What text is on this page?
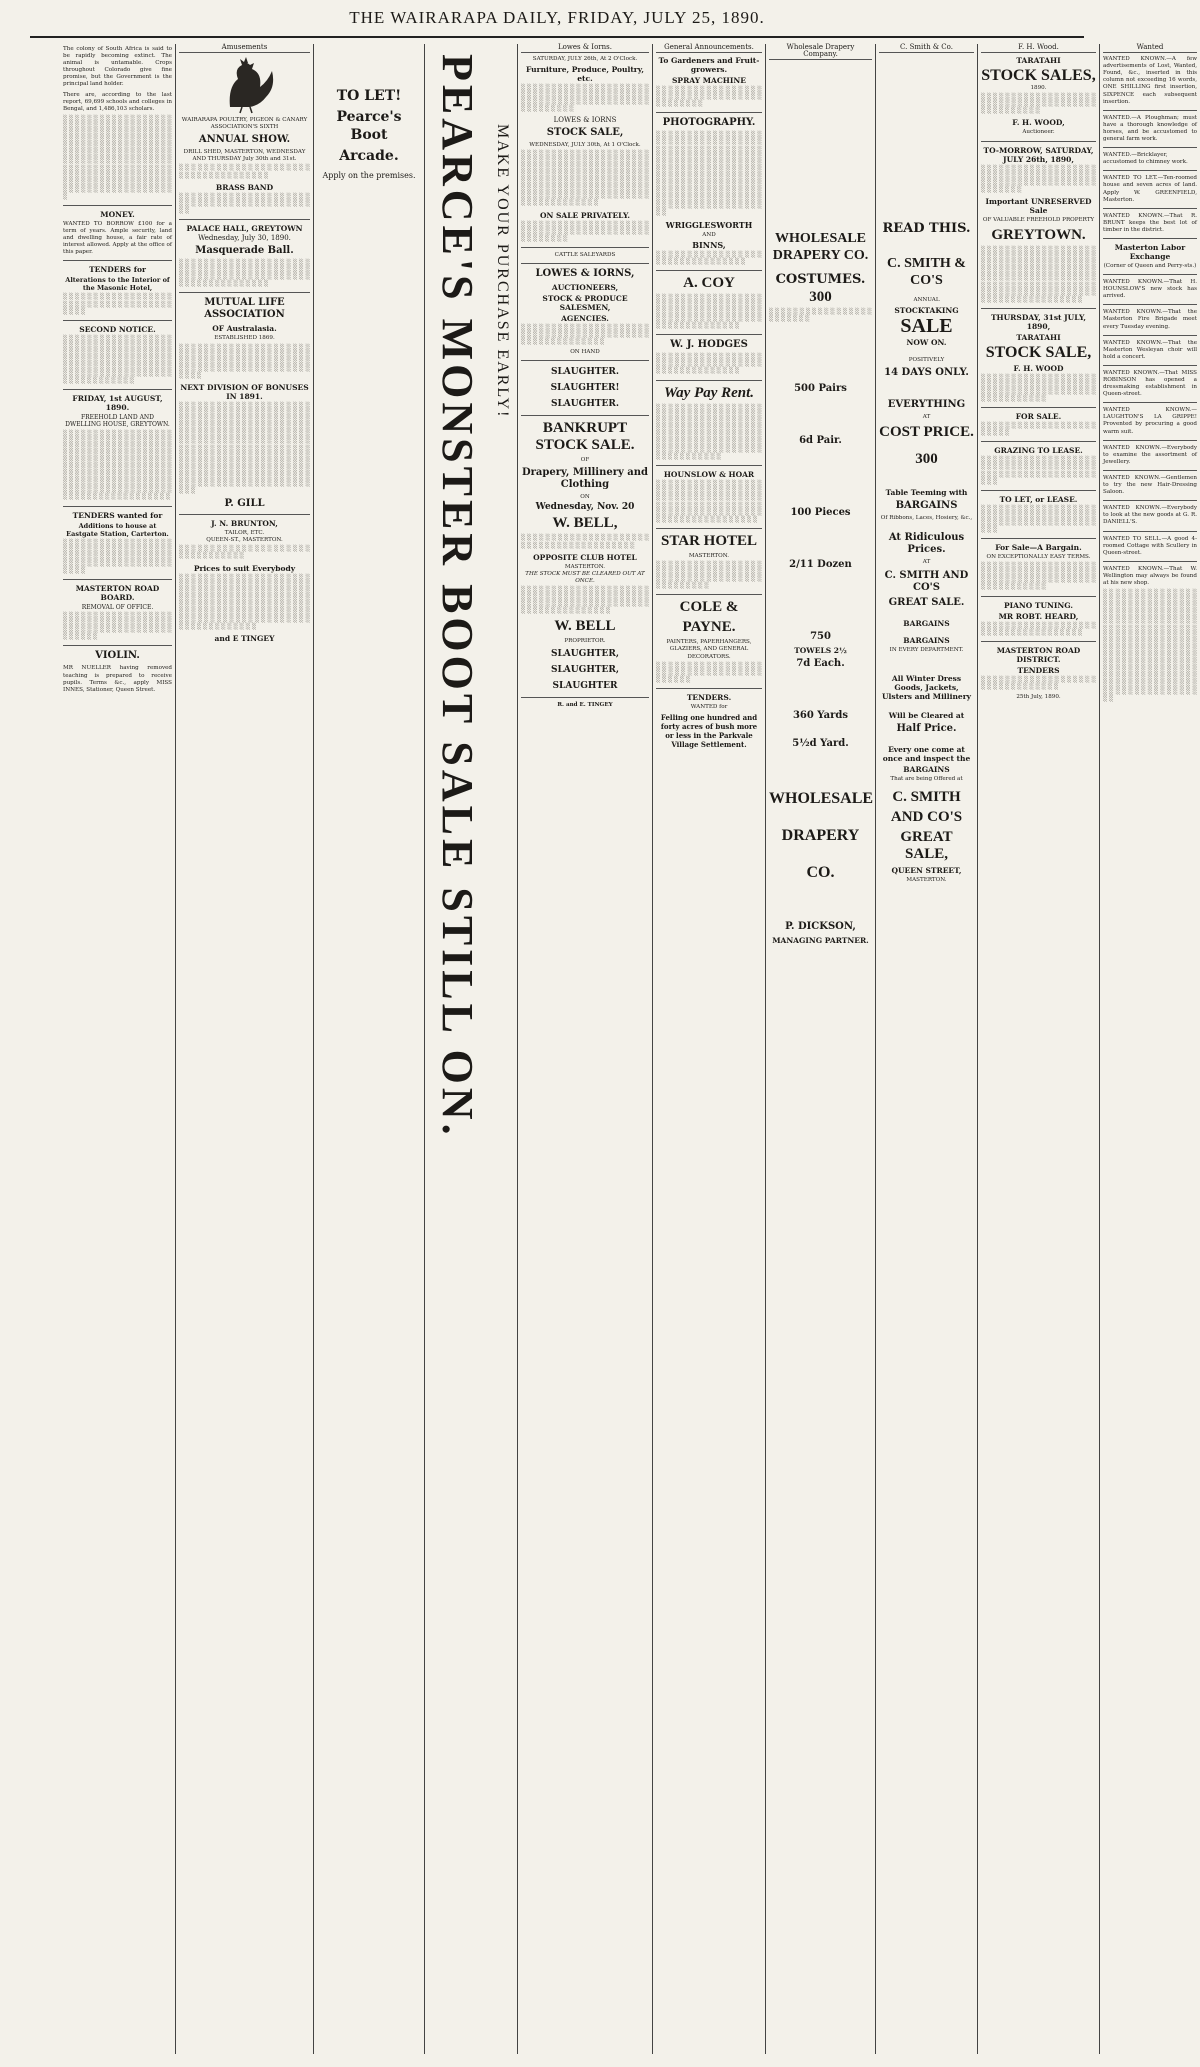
THE WAIRARAPA DAILY, FRIDAY, JULY 25, 1890.
The colony of South Africa is said to be rapidly becoming extinct. The animal is untamable. Crops throughout Colorado give fine promise, but the Government is the principal land holder.
There are, according to the last report, 69,699 schools and colleges in Bengal, and 1,486,103 scholars.
░ ░ ░ ░ ░ ░ ░ ░ ░ ░ ░ ░ ░ ░ ░ ░ ░ ░ ░ ░ ░ ░ ░ ░ ░ ░ ░ ░ ░ ░ ░ ░ ░ ░ ░ ░ ░ ░ ░ ░ ░ ░ ░ ░ ░ ░ ░ ░ ░ ░ ░ ░ ░ ░ ░ ░ ░ ░ ░ ░ ░ ░ ░ ░ ░ ░ ░ ░ ░ ░ ░ ░ ░ ░ ░ ░ ░ ░ ░ ░ ░ ░ ░ ░ ░ ░ ░ ░ ░ ░ ░ ░ ░ ░ ░ ░ ░ ░ ░ ░ ░ ░ ░ ░ ░ ░ ░ ░ ░ ░ ░ ░ ░ ░ ░ ░ ░ ░ ░ ░ ░ ░ ░ ░ ░ ░ ░ ░ ░ ░ ░ ░ ░ ░ ░ ░ ░ ░ ░ ░ ░ ░ ░ ░ ░ ░ ░ ░ ░ ░ ░ ░ ░ ░ ░ ░ ░ ░ ░ ░ ░ ░ ░ ░ ░ ░ ░ ░ ░ ░ ░ ░ ░ ░ ░ ░ ░ ░ ░ ░ ░ ░ ░ ░ ░ ░ ░ ░ ░ ░ ░ ░ ░ ░ ░ ░ ░ ░ ░
MONEY.
WANTED TO BORROW £100 for a term of years. Ample security, land and dwelling house, a fair rate of interest allowed. Apply at the office of this paper.
TENDERS for
Alterations to the Interior of the Masonic Hotel,
░ ░ ░ ░ ░ ░ ░ ░ ░ ░ ░ ░ ░ ░ ░ ░ ░ ░ ░ ░ ░ ░ ░ ░ ░ ░ ░ ░ ░ ░ ░ ░ ░ ░ ░ ░ ░ ░ ░ ░
SECOND NOTICE.
░ ░ ░ ░ ░ ░ ░ ░ ░ ░ ░ ░ ░ ░ ░ ░ ░ ░ ░ ░ ░ ░ ░ ░ ░ ░ ░ ░ ░ ░ ░ ░ ░ ░ ░ ░ ░ ░ ░ ░ ░ ░ ░ ░ ░ ░ ░ ░ ░ ░ ░ ░ ░ ░ ░ ░ ░ ░ ░ ░ ░ ░ ░ ░ ░ ░ ░ ░ ░ ░ ░ ░ ░ ░ ░ ░ ░ ░ ░ ░ ░ ░ ░ ░ ░ ░ ░ ░ ░ ░ ░ ░ ░ ░ ░ ░ ░ ░ ░ ░ ░ ░ ░ ░ ░ ░ ░ ░ ░ ░ ░ ░ ░ ░ ░ ░ ░ ░ ░ ░
FRIDAY, 1st AUGUST, 1890.
FREEHOLD LAND AND DWELLING HOUSE, GREYTOWN.
░ ░ ░ ░ ░ ░ ░ ░ ░ ░ ░ ░ ░ ░ ░ ░ ░ ░ ░ ░ ░ ░ ░ ░ ░ ░ ░ ░ ░ ░ ░ ░ ░ ░ ░ ░ ░ ░ ░ ░ ░ ░ ░ ░ ░ ░ ░ ░ ░ ░ ░ ░ ░ ░ ░ ░ ░ ░ ░ ░ ░ ░ ░ ░ ░ ░ ░ ░ ░ ░ ░ ░ ░ ░ ░ ░ ░ ░ ░ ░ ░ ░ ░ ░ ░ ░ ░ ░ ░ ░ ░ ░ ░ ░ ░ ░ ░ ░ ░ ░ ░ ░ ░ ░ ░ ░ ░ ░ ░ ░ ░ ░ ░ ░ ░ ░ ░ ░ ░ ░ ░ ░ ░ ░ ░ ░ ░ ░ ░ ░ ░ ░ ░ ░ ░ ░ ░ ░ ░ ░ ░ ░ ░ ░ ░ ░ ░ ░ ░ ░ ░ ░ ░ ░ ░ ░ ░ ░ ░ ░ ░ ░ ░ ░ ░ ░ ░ ░ ░ ░ ░ ░ ░ ░ ░ ░ ░ ░ ░ ░
TENDERS wanted for
Additions to house at Eastgate Station, Carterton.
░ ░ ░ ░ ░ ░ ░ ░ ░ ░ ░ ░ ░ ░ ░ ░ ░ ░ ░ ░ ░ ░ ░ ░ ░ ░ ░ ░ ░ ░ ░ ░ ░ ░ ░ ░ ░ ░ ░ ░ ░ ░ ░ ░ ░ ░ ░ ░ ░ ░ ░ ░ ░ ░ ░ ░ ░ ░ ░ ░ ░ ░ ░ ░ ░ ░ ░ ░ ░ ░ ░ ░ ░ ░ ░ ░
MASTERTON ROAD BOARD.
REMOVAL OF OFFICE.
░ ░ ░ ░ ░ ░ ░ ░ ░ ░ ░ ░ ░ ░ ░ ░ ░ ░ ░ ░ ░ ░ ░ ░ ░ ░ ░ ░ ░ ░ ░ ░ ░ ░ ░ ░ ░ ░ ░ ░ ░ ░ ░ ░ ░ ░ ░ ░ ░ ░ ░ ░ ░ ░ ░ ░ ░ ░ ░ ░
VIOLIN.
MR NUELLER having removed teaching is prepared to receive pupils. Terms &c., apply MISS INNES, Stationer, Queen Street.
Amusements
WAIRARAPA POULTRY, PIGEON & CANARY ASSOCIATION'S SIXTH
ANNUAL SHOW.
DRILL SHED, MASTERTON, WEDNESDAY AND THURSDAY July 30th and 31st.
░ ░ ░ ░ ░ ░ ░ ░ ░ ░ ░ ░ ░ ░ ░ ░ ░ ░ ░ ░ ░ ░ ░ ░ ░ ░ ░ ░ ░ ░ ░ ░ ░ ░ ░ ░
BRASS BAND
░ ░ ░ ░ ░ ░ ░ ░ ░ ░ ░ ░ ░ ░ ░ ░ ░ ░ ░ ░ ░ ░ ░ ░ ░ ░ ░ ░ ░ ░ ░ ░ ░ ░ ░ ░ ░ ░ ░ ░ ░ ░ ░ ░
PALACE HALL, GREYTOWN
Wednesday, July 30, 1890.
Masquerade Ball.
░ ░ ░ ░ ░ ░ ░ ░ ░ ░ ░ ░ ░ ░ ░ ░ ░ ░ ░ ░ ░ ░ ░ ░ ░ ░ ░ ░ ░ ░ ░ ░ ░ ░ ░ ░ ░ ░ ░ ░ ░ ░ ░ ░ ░ ░ ░ ░ ░ ░ ░ ░ ░ ░ ░ ░ ░ ░ ░ ░ ░ ░ ░ ░ ░ ░ ░ ░ ░ ░ ░ ░ ░ ░ ░ ░ ░ ░
MUTUAL LIFE ASSOCIATION
OF Australasia.
ESTABLISHED 1869.
░ ░ ░ ░ ░ ░ ░ ░ ░ ░ ░ ░ ░ ░ ░ ░ ░ ░ ░ ░ ░ ░ ░ ░ ░ ░ ░ ░ ░ ░ ░ ░ ░ ░ ░ ░ ░ ░ ░ ░ ░ ░ ░ ░ ░ ░ ░ ░ ░ ░ ░ ░ ░ ░ ░ ░ ░ ░ ░ ░ ░ ░ ░ ░ ░ ░ ░ ░ ░ ░ ░ ░ ░ ░ ░ ░ ░ ░ ░ ░ ░ ░ ░ ░ ░ ░ ░ ░
NEXT DIVISION OF BONUSES IN 1891.
░ ░ ░ ░ ░ ░ ░ ░ ░ ░ ░ ░ ░ ░ ░ ░ ░ ░ ░ ░ ░ ░ ░ ░ ░ ░ ░ ░ ░ ░ ░ ░ ░ ░ ░ ░ ░ ░ ░ ░ ░ ░ ░ ░ ░ ░ ░ ░ ░ ░ ░ ░ ░ ░ ░ ░ ░ ░ ░ ░ ░ ░ ░ ░ ░ ░ ░ ░ ░ ░ ░ ░ ░ ░ ░ ░ ░ ░ ░ ░ ░ ░ ░ ░ ░ ░ ░ ░ ░ ░ ░ ░ ░ ░ ░ ░ ░ ░ ░ ░ ░ ░ ░ ░ ░ ░ ░ ░ ░ ░ ░ ░ ░ ░ ░ ░ ░ ░ ░ ░ ░ ░ ░ ░ ░ ░ ░ ░ ░ ░ ░ ░ ░ ░ ░ ░ ░ ░ ░ ░ ░ ░ ░ ░ ░ ░ ░ ░ ░ ░ ░ ░ ░ ░ ░ ░ ░ ░ ░ ░ ░ ░ ░ ░ ░ ░ ░ ░ ░ ░ ░ ░ ░ ░ ░ ░ ░ ░ ░ ░ ░ ░ ░ ░ ░ ░ ░ ░ ░ ░ ░ ░ ░ ░ ░ ░ ░ ░ ░ ░ ░ ░ ░ ░ ░ ░ ░ ░ ░ ░ ░ ░ ░ ░ ░ ░ ░ ░ ░ ░ ░ ░ ░ ░ ░ ░ ░ ░ ░ ░ ░ ░ ░ ░ ░ ░ ░ ░ ░ ░ ░ ░ ░ ░ ░ ░ ░ ░ ░ ░ ░ ░ ░ ░ ░
P. GILL
J. N. BRUNTON,
TAILOR, ETC.
QUEEN-ST., MASTERTON.
░ ░ ░ ░ ░ ░ ░ ░ ░ ░ ░ ░ ░ ░ ░ ░ ░ ░ ░ ░ ░ ░ ░ ░ ░ ░ ░ ░ ░ ░ ░ ░
Prices to suit Everybody
░ ░ ░ ░ ░ ░ ░ ░ ░ ░ ░ ░ ░ ░ ░ ░ ░ ░ ░ ░ ░ ░ ░ ░ ░ ░ ░ ░ ░ ░ ░ ░ ░ ░ ░ ░ ░ ░ ░ ░ ░ ░ ░ ░ ░ ░ ░ ░ ░ ░ ░ ░ ░ ░ ░ ░ ░ ░ ░ ░ ░ ░ ░ ░ ░ ░ ░ ░ ░ ░ ░ ░ ░ ░ ░ ░ ░ ░ ░ ░ ░ ░ ░ ░ ░ ░ ░ ░ ░ ░ ░ ░ ░ ░ ░ ░ ░ ░ ░ ░ ░ ░ ░ ░ ░ ░ ░ ░ ░ ░ ░ ░ ░ ░ ░ ░ ░ ░ ░ ░ ░ ░ ░ ░ ░ ░ ░ ░ ░ ░ ░ ░ ░ ░ ░ ░ ░ ░ ░ ░ ░ ░ ░ ░ ░ ░ ░ ░ ░ ░ ░ ░ ░ ░ ░ ░ ░ ░ ░ ░
and E TINGEY
TO LET!
Pearce's Boot
Arcade.
Apply on the premises. PEARCE'S MONSTER BOOT SALE STILL ON. MAKE YOUR PURCHASE EARLY!
Lowes & Iorns.
SATURDAY, JULY 26th, At 2 O'Clock.
Furniture, Produce, Poultry, etc.
░ ░ ░ ░ ░ ░ ░ ░ ░ ░ ░ ░ ░ ░ ░ ░ ░ ░ ░ ░ ░ ░ ░ ░ ░ ░ ░ ░ ░ ░ ░ ░ ░ ░ ░ ░ ░ ░ ░ ░ ░ ░ ░ ░ ░ ░ ░ ░ ░ ░ ░ ░ ░ ░ ░ ░ ░ ░ ░ ░ ░ ░ ░ ░ ░ ░ ░ ░ ░ ░ ░ ░
LOWES & IORNS
STOCK SALE,
WEDNESDAY, JULY 30th, At 1 O'Clock.
░ ░ ░ ░ ░ ░ ░ ░ ░ ░ ░ ░ ░ ░ ░ ░ ░ ░ ░ ░ ░ ░ ░ ░ ░ ░ ░ ░ ░ ░ ░ ░ ░ ░ ░ ░ ░ ░ ░ ░ ░ ░ ░ ░ ░ ░ ░ ░ ░ ░ ░ ░ ░ ░ ░ ░ ░ ░ ░ ░ ░ ░ ░ ░ ░ ░ ░ ░ ░ ░ ░ ░ ░ ░ ░ ░ ░ ░ ░ ░ ░ ░ ░ ░ ░ ░ ░ ░ ░ ░ ░ ░ ░ ░ ░ ░ ░ ░ ░ ░ ░ ░ ░ ░ ░ ░ ░ ░ ░ ░ ░ ░ ░ ░ ░ ░ ░ ░ ░ ░ ░ ░ ░ ░ ░ ░ ░ ░ ░ ░ ░ ░ ░ ░ ░ ░ ░ ░ ░ ░ ░ ░ ░ ░ ░ ░ ░ ░ ░ ░ ░ ░ ░ ░ ░ ░ ░ ░ ░ ░
ON SALE PRIVATELY.
░ ░ ░ ░ ░ ░ ░ ░ ░ ░ ░ ░ ░ ░ ░ ░ ░ ░ ░ ░ ░ ░ ░ ░ ░ ░ ░ ░ ░ ░ ░ ░ ░ ░ ░ ░ ░ ░ ░ ░ ░ ░ ░ ░ ░ ░ ░ ░ ░ ░
CATTLE SALEYARDS
LOWES & IORNS,
AUCTIONEERS,
STOCK & PRODUCE SALESMEN,
AGENCIES.
░ ░ ░ ░ ░ ░ ░ ░ ░ ░ ░ ░ ░ ░ ░ ░ ░ ░ ░ ░ ░ ░ ░ ░ ░ ░ ░ ░ ░ ░ ░ ░ ░ ░ ░ ░ ░ ░ ░ ░ ░ ░ ░ ░ ░ ░ ░ ░ ░ ░ ░ ░ ░ ░ ░ ░
ON HAND
SLAUGHTER.
SLAUGHTER!
SLAUGHTER.
BANKRUPT STOCK SALE.
OF
Drapery, Millinery and Clothing
ON
Wednesday, Nov. 20
W. BELL,
░ ░ ░ ░ ░ ░ ░ ░ ░ ░ ░ ░ ░ ░ ░ ░ ░ ░ ░ ░ ░ ░ ░ ░ ░ ░ ░ ░ ░ ░ ░ ░ ░ ░ ░ ░ ░ ░ ░ ░
OPPOSITE CLUB HOTEL
MASTERTON.
THE STOCK MUST BE CLEARED OUT AT ONCE.
░ ░ ░ ░ ░ ░ ░ ░ ░ ░ ░ ░ ░ ░ ░ ░ ░ ░ ░ ░ ░ ░ ░ ░ ░ ░ ░ ░ ░ ░ ░ ░ ░ ░ ░ ░ ░ ░ ░ ░ ░ ░ ░ ░ ░ ░ ░ ░ ░ ░ ░ ░ ░ ░ ░ ░ ░ ░ ░ ░ ░ ░ ░ ░ ░ ░ ░ ░ ░ ░ ░ ░ ░ ░ ░ ░ ░ ░
W. BELL
PROPRIETOR.
SLAUGHTER,
SLAUGHTER,
SLAUGHTER
R. and E. TINGEY
General Announcements.
To Gardeners and Fruit-growers.
SPRAY MACHINE
░ ░ ░ ░ ░ ░ ░ ░ ░ ░ ░ ░ ░ ░ ░ ░ ░ ░ ░ ░ ░ ░ ░ ░ ░ ░ ░ ░ ░ ░ ░ ░ ░ ░ ░ ░ ░ ░ ░ ░ ░ ░
PHOTOGRAPHY.
░ ░ ░ ░ ░ ░ ░ ░ ░ ░ ░ ░ ░ ░ ░ ░ ░ ░ ░ ░ ░ ░ ░ ░ ░ ░ ░ ░ ░ ░ ░ ░ ░ ░ ░ ░ ░ ░ ░ ░ ░ ░ ░ ░ ░ ░ ░ ░ ░ ░ ░ ░ ░ ░ ░ ░ ░ ░ ░ ░ ░ ░ ░ ░ ░ ░ ░ ░ ░ ░ ░ ░ ░ ░ ░ ░ ░ ░ ░ ░ ░ ░ ░ ░ ░ ░ ░ ░ ░ ░ ░ ░ ░ ░ ░ ░ ░ ░ ░ ░ ░ ░ ░ ░ ░ ░ ░ ░ ░ ░ ░ ░ ░ ░ ░ ░ ░ ░ ░ ░ ░ ░ ░ ░ ░ ░ ░ ░ ░ ░ ░ ░ ░ ░ ░ ░ ░ ░ ░ ░ ░ ░ ░ ░ ░ ░ ░ ░ ░ ░ ░ ░ ░ ░ ░ ░ ░ ░ ░ ░ ░ ░ ░ ░ ░ ░ ░ ░ ░ ░ ░ ░ ░ ░ ░ ░ ░ ░ ░ ░ ░ ░ ░ ░ ░ ░ ░ ░ ░
WRIGGLESWORTH
AND
BINNS,
░ ░ ░ ░ ░ ░ ░ ░ ░ ░ ░ ░ ░ ░ ░ ░ ░ ░ ░ ░ ░ ░ ░ ░ ░ ░ ░ ░ ░ ░ ░ ░
A. COY
░ ░ ░ ░ ░ ░ ░ ░ ░ ░ ░ ░ ░ ░ ░ ░ ░ ░ ░ ░ ░ ░ ░ ░ ░ ░ ░ ░ ░ ░ ░ ░ ░ ░ ░ ░ ░ ░ ░ ░ ░ ░ ░ ░ ░ ░ ░ ░ ░ ░ ░ ░ ░ ░ ░ ░ ░ ░ ░ ░ ░ ░ ░ ░ ░ ░ ░ ░ ░ ░ ░ ░ ░ ░ ░ ░ ░ ░ ░ ░ ░ ░
W. J. HODGES
░ ░ ░ ░ ░ ░ ░ ░ ░ ░ ░ ░ ░ ░ ░ ░ ░ ░ ░ ░ ░ ░ ░ ░ ░ ░ ░ ░ ░ ░ ░ ░ ░ ░ ░ ░ ░ ░ ░ ░ ░ ░ ░ ░ ░ ░ ░ ░
Way Pay Rent.
░ ░ ░ ░ ░ ░ ░ ░ ░ ░ ░ ░ ░ ░ ░ ░ ░ ░ ░ ░ ░ ░ ░ ░ ░ ░ ░ ░ ░ ░ ░ ░ ░ ░ ░ ░ ░ ░ ░ ░ ░ ░ ░ ░ ░ ░ ░ ░ ░ ░ ░ ░ ░ ░ ░ ░ ░ ░ ░ ░ ░ ░ ░ ░ ░ ░ ░ ░ ░ ░ ░ ░ ░ ░ ░ ░ ░ ░ ░ ░ ░ ░ ░ ░ ░ ░ ░ ░ ░ ░ ░ ░ ░ ░ ░ ░ ░ ░ ░ ░ ░ ░ ░ ░ ░ ░ ░ ░ ░ ░ ░ ░ ░ ░ ░ ░ ░ ░ ░ ░ ░ ░ ░ ░ ░ ░ ░ ░ ░ ░
HOUNSLOW & HOAR
░ ░ ░ ░ ░ ░ ░ ░ ░ ░ ░ ░ ░ ░ ░ ░ ░ ░ ░ ░ ░ ░ ░ ░ ░ ░ ░ ░ ░ ░ ░ ░ ░ ░ ░ ░ ░ ░ ░ ░ ░ ░ ░ ░ ░ ░ ░ ░ ░ ░ ░ ░ ░ ░ ░ ░ ░ ░ ░ ░ ░ ░ ░ ░ ░ ░ ░ ░ ░ ░ ░ ░ ░ ░ ░ ░ ░ ░ ░ ░ ░ ░ ░ ░ ░ ░ ░ ░ ░ ░ ░ ░ ░ ░ ░ ░ ░ ░ ░ ░ ░ ░
STAR HOTEL
MASTERTON.
░ ░ ░ ░ ░ ░ ░ ░ ░ ░ ░ ░ ░ ░ ░ ░ ░ ░ ░ ░ ░ ░ ░ ░ ░ ░ ░ ░ ░ ░ ░ ░ ░ ░ ░ ░ ░ ░ ░ ░ ░ ░ ░ ░ ░ ░ ░ ░ ░ ░ ░ ░ ░ ░ ░ ░ ░ ░ ░ ░
COLE &
PAYNE.
PAINTERS, PAPERHANGERS, GLAZIERS, AND GENERAL DECORATORS.
░ ░ ░ ░ ░ ░ ░ ░ ░ ░ ░ ░ ░ ░ ░ ░ ░ ░ ░ ░ ░ ░ ░ ░ ░ ░ ░ ░ ░ ░ ░ ░ ░ ░ ░ ░ ░ ░ ░ ░
TENDERS.
WANTED for
Felling one hundred and forty acres of bush more or less in the Parkvale Village Settlement.
Wholesale Drapery Company.
WHOLESALE DRAPERY CO.
COSTUMES.
300
░ ░ ░ ░ ░ ░ ░ ░ ░ ░ ░ ░ ░ ░ ░ ░ ░ ░ ░ ░ ░ ░ ░ ░
500 Pairs
6d Pair.
100 Pieces
2/11 Dozen
750
TOWELS 2½
7d Each.
360 Yards
5½d Yard.
WHOLESALE
DRAPERY
CO.
P. DICKSON,
MANAGING PARTNER.
C. Smith & Co.
READ THIS.
C. SMITH & CO'S
ANNUAL
STOCKTAKING
SALE
NOW ON.
POSITIVELY
14 DAYS ONLY.
EVERYTHING
AT
COST PRICE.
300
Table Teeming with
BARGAINS
Of Ribbons, Laces, Hosiery, &c.,
At Ridiculous Prices.
AT
C. SMITH AND CO'S
GREAT SALE.
BARGAINS
BARGAINS
IN EVERY DEPARTMENT.
All Winter Dress Goods, Jackets, Ulsters and Millinery
Will be Cleared at
Half Price.
Every one come at once and inspect the
BARGAINS
That are being Offered at
C. SMITH
AND CO'S
GREAT SALE,
QUEEN STREET,
MASTERTON.
F. H. Wood.
TARATAHI
STOCK SALES,
1890.
░ ░ ░ ░ ░ ░ ░ ░ ░ ░ ░ ░ ░ ░ ░ ░ ░ ░ ░ ░ ░ ░ ░ ░ ░ ░ ░ ░ ░ ░ ░ ░ ░ ░ ░ ░ ░ ░ ░ ░ ░ ░ ░ ░ ░ ░ ░ ░
F. H. WOOD,
Auctioneer.
TO-MORROW, SATURDAY, JULY 26th, 1890,
░ ░ ░ ░ ░ ░ ░ ░ ░ ░ ░ ░ ░ ░ ░ ░ ░ ░ ░ ░ ░ ░ ░ ░ ░ ░ ░ ░ ░ ░ ░ ░ ░ ░ ░ ░ ░ ░ ░ ░ ░ ░ ░ ░ ░ ░ ░ ░ ░ ░ ░ ░ ░ ░ ░ ░ ░ ░ ░ ░ ░ ░ ░ ░
Important UNRESERVED Sale
OF VALUABLE FREEHOLD PROPERTY
GREYTOWN.
░ ░ ░ ░ ░ ░ ░ ░ ░ ░ ░ ░ ░ ░ ░ ░ ░ ░ ░ ░ ░ ░ ░ ░ ░ ░ ░ ░ ░ ░ ░ ░ ░ ░ ░ ░ ░ ░ ░ ░ ░ ░ ░ ░ ░ ░ ░ ░ ░ ░ ░ ░ ░ ░ ░ ░ ░ ░ ░ ░ ░ ░ ░ ░ ░ ░ ░ ░ ░ ░ ░ ░ ░ ░ ░ ░ ░ ░ ░ ░ ░ ░ ░ ░ ░ ░ ░ ░ ░ ░ ░ ░ ░ ░ ░ ░ ░ ░ ░ ░ ░ ░ ░ ░ ░ ░ ░ ░ ░ ░ ░ ░ ░ ░ ░ ░ ░ ░ ░ ░ ░ ░ ░ ░ ░ ░ ░ ░ ░ ░ ░ ░ ░ ░ ░ ░ ░ ░ ░ ░ ░ ░ ░ ░ ░ ░ ░ ░ ░ ░
THURSDAY, 31st JULY, 1890,
TARATAHI
STOCK SALE,
F. H. WOOD
░ ░ ░ ░ ░ ░ ░ ░ ░ ░ ░ ░ ░ ░ ░ ░ ░ ░ ░ ░ ░ ░ ░ ░ ░ ░ ░ ░ ░ ░ ░ ░ ░ ░ ░ ░ ░ ░ ░ ░ ░ ░ ░ ░ ░ ░ ░ ░ ░ ░ ░ ░ ░ ░ ░ ░ ░ ░ ░ ░ ░ ░ ░ ░ ░ ░ ░ ░
FOR SALE.
░ ░ ░ ░ ░ ░ ░ ░ ░ ░ ░ ░ ░ ░ ░ ░ ░ ░ ░ ░ ░ ░ ░ ░
GRAZING TO LEASE.
░ ░ ░ ░ ░ ░ ░ ░ ░ ░ ░ ░ ░ ░ ░ ░ ░ ░ ░ ░ ░ ░ ░ ░ ░ ░ ░ ░ ░ ░ ░ ░ ░ ░ ░ ░ ░ ░ ░ ░ ░ ░ ░ ░ ░ ░ ░ ░ ░ ░ ░ ░ ░ ░ ░ ░ ░ ░ ░ ░
TO LET, or LEASE.
░ ░ ░ ░ ░ ░ ░ ░ ░ ░ ░ ░ ░ ░ ░ ░ ░ ░ ░ ░ ░ ░ ░ ░ ░ ░ ░ ░ ░ ░ ░ ░ ░ ░ ░ ░ ░ ░ ░ ░ ░ ░ ░ ░ ░ ░ ░ ░ ░ ░ ░ ░ ░ ░ ░ ░ ░ ░ ░ ░
For Sale—A Bargain.
ON EXCEPTIONALLY EASY TERMS.
░ ░ ░ ░ ░ ░ ░ ░ ░ ░ ░ ░ ░ ░ ░ ░ ░ ░ ░ ░ ░ ░ ░ ░ ░ ░ ░ ░ ░ ░ ░ ░ ░ ░ ░ ░ ░ ░ ░ ░ ░ ░ ░ ░ ░ ░ ░ ░ ░ ░ ░ ░ ░ ░ ░ ░ ░ ░ ░ ░ ░ ░ ░ ░ ░ ░ ░ ░
PIANO TUNING.
MR ROBT. HEARD,
░ ░ ░ ░ ░ ░ ░ ░ ░ ░ ░ ░ ░ ░ ░ ░ ░ ░ ░ ░ ░ ░ ░ ░ ░ ░ ░ ░ ░ ░ ░ ░ ░ ░ ░ ░
MASTERTON ROAD DISTRICT.
TENDERS
░ ░ ░ ░ ░ ░ ░ ░ ░ ░ ░ ░ ░ ░ ░ ░ ░ ░ ░ ░ ░ ░ ░ ░ ░ ░ ░ ░ ░ ░ ░ ░
25th July, 1890.
Wanted
WANTED KNOWN.—A few advertisements of Lost, Wanted, Found, &c., inserted in this column not exceeding 16 words, ONE SHILLING first insertion, SIXPENCE each subsequent insertion.
WANTED.—A Ploughman; must have a thorough knowledge of horses, and be accustomed to general farm work.
WANTED.—Bricklayer, accustomed to chimney work.
WANTED TO LET.—Ten-roomed house and seven acres of land. Apply W. GREENFIELD, Masterton.
WANTED KNOWN.—That R. BRUNT keeps the best lot of timber in the district.
Masterton Labor Exchange
(Corner of Queen and Perry-sts.)
WANTED KNOWN.—That H. HOUNSLOW'S new stock has arrived.
WANTED KNOWN.—That the Masterton Fire Brigade meet every Tuesday evening.
WANTED KNOWN.—That the Masterton Wesleyan choir will hold a concert.
WANTED KNOWN.—That MISS ROBINSON has opened a dressmaking establishment in Queen-street.
WANTED KNOWN.—LAUGHTON'S LA GRIPPE! Provented by procuring a good warm suit.
WANTED KNOWN.—Everybody to examine the assortment of Jewellery.
WANTED KNOWN.—Gentlemen to try the new Hair-Dressing Saloon.
WANTED KNOWN.—Everybody to look at the new goods at G. R. DANIELL'S.
WANTED TO SELL.—A good 4-roomed Cottage with Scullery in Queen-street.
WANTED KNOWN.—That W. Wellington may always be found at his new shop.
░ ░ ░ ░ ░ ░ ░ ░ ░ ░ ░ ░ ░ ░ ░ ░ ░ ░ ░ ░ ░ ░ ░ ░ ░ ░ ░ ░ ░ ░ ░ ░ ░ ░ ░ ░ ░ ░ ░ ░ ░ ░ ░ ░ ░ ░ ░ ░ ░ ░ ░ ░ ░ ░ ░ ░ ░ ░ ░ ░ ░ ░ ░ ░ ░ ░ ░ ░ ░ ░ ░ ░ ░ ░ ░ ░ ░ ░ ░ ░ ░ ░ ░ ░ ░ ░ ░ ░ ░ ░ ░ ░ ░ ░ ░ ░ ░ ░ ░ ░ ░ ░ ░ ░ ░ ░ ░ ░ ░ ░ ░ ░ ░ ░ ░ ░ ░ ░ ░ ░ ░ ░ ░ ░ ░ ░ ░ ░ ░ ░ ░ ░ ░ ░ ░ ░ ░ ░ ░ ░ ░ ░ ░ ░ ░ ░ ░ ░ ░ ░ ░ ░ ░ ░ ░ ░ ░ ░ ░ ░ ░ ░ ░ ░ ░ ░ ░ ░ ░ ░ ░ ░ ░ ░ ░ ░ ░ ░ ░ ░ ░ ░ ░ ░ ░ ░ ░ ░ ░ ░ ░ ░ ░ ░ ░ ░ ░ ░ ░ ░ ░ ░ ░ ░ ░ ░ ░ ░ ░ ░ ░ ░ ░ ░ ░ ░ ░ ░ ░ ░ ░ ░ ░ ░ ░ ░ ░
